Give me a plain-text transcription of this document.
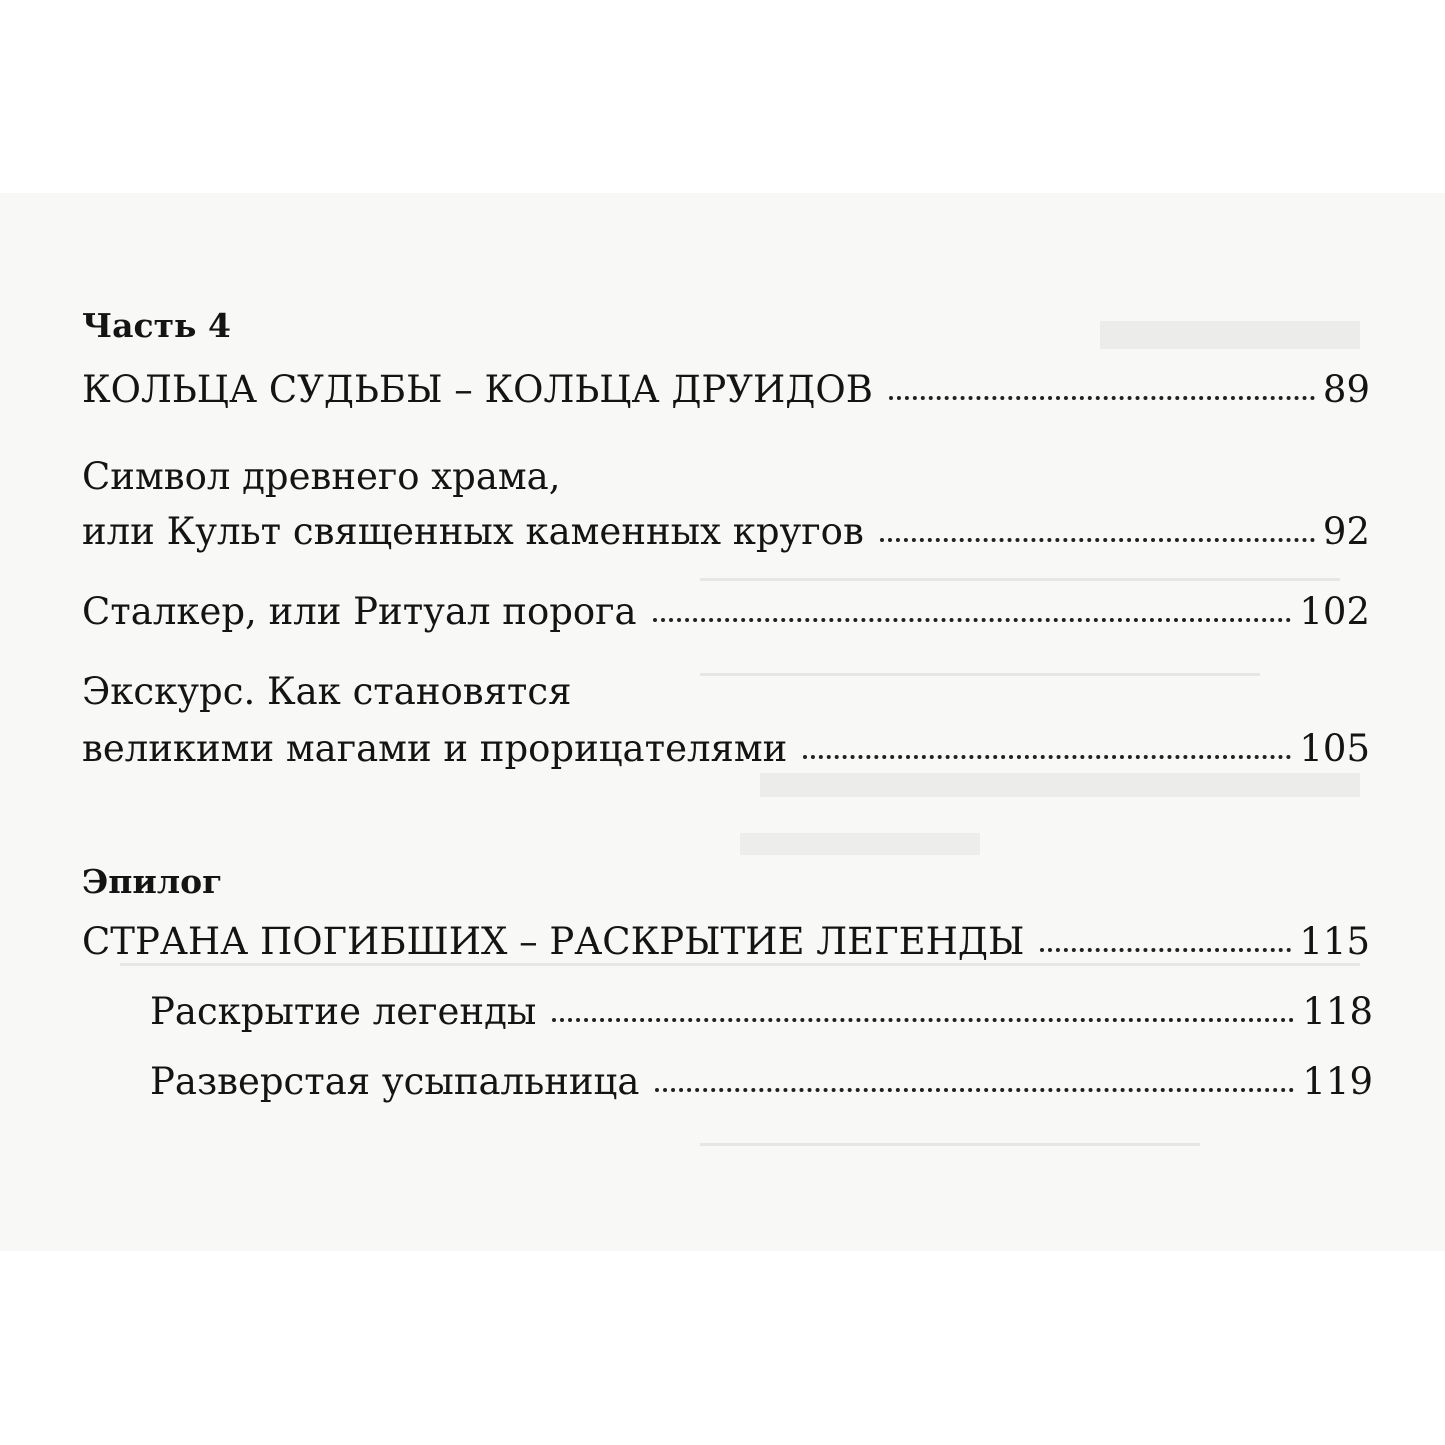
Часть 4
КОЛЬЦА СУДЬБЫ – КОЛЬЦА ДРУИДОВ	89
Символ древнего храма,
или Культ священных каменных кругов	92
Сталкер, или Ритуал порога	102
Экскурс. Как становятся
великими магами и прорицателями	105
Эпилог
СТРАНА ПОГИБШИХ – РАСКРЫТИЕ ЛЕГЕНДЫ	115
Раскрытие легенды	118
Разверстая усыпальница	119
